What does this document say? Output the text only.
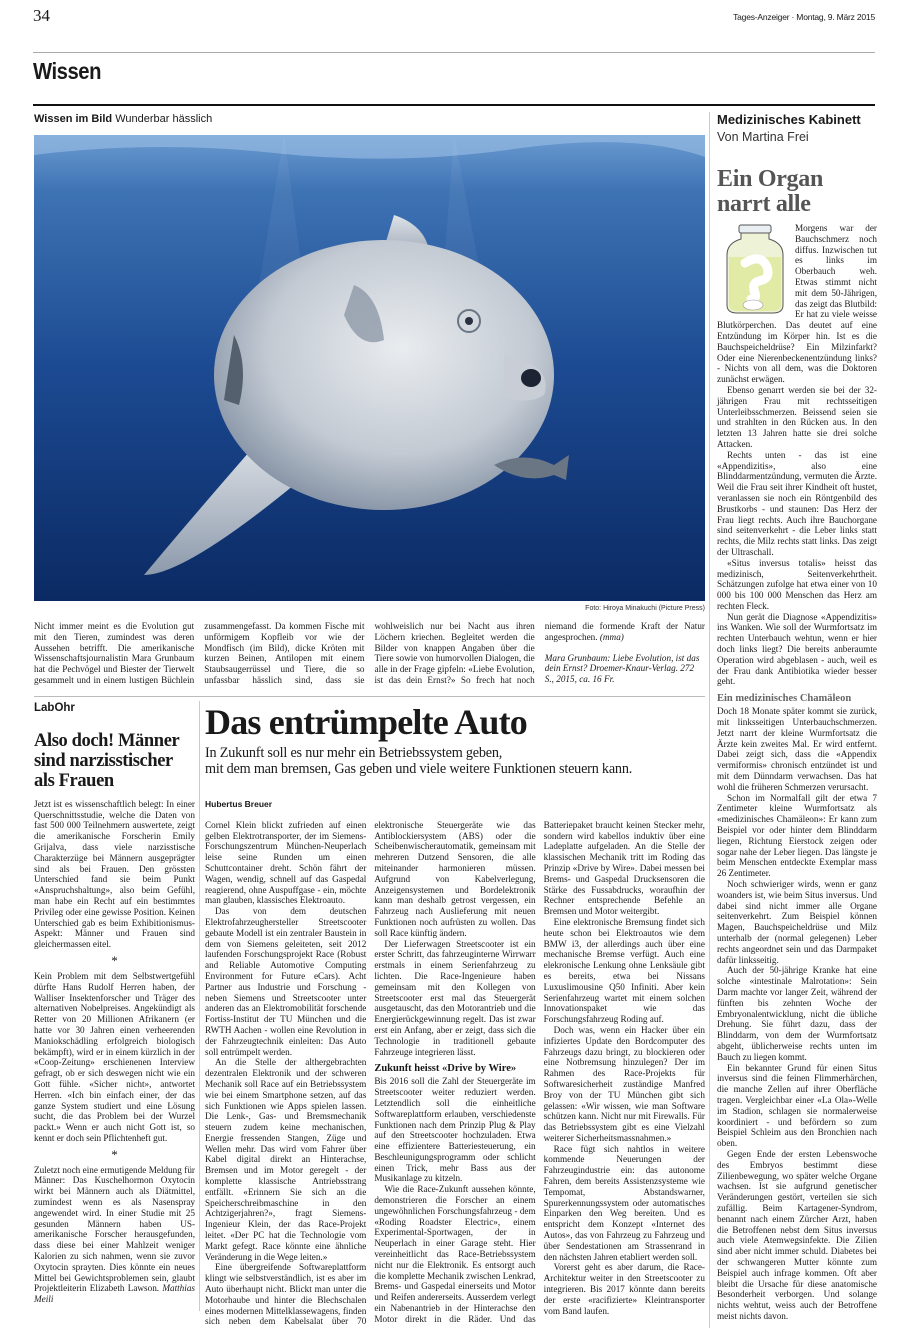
34	Tages-Anzeiger · Montag, 9. März 2015
Wissen
Wissen im Bild Wunderbar hässlich
Foto: Hiroya Minakuchi (Picture Press)

Nicht immer meint es die Evolution gut mit den Tieren, zumindest was deren Aussehen betrifft. Die amerikanische Wissenschaftsjournalistin Mara Grunbaum hat die Pechvögel und Biester der Tierwelt gesammelt und in einem lustigen Büchlein zusammengefasst. Da kommen Fische mit unförmigem Kopfleib vor wie der Mondfisch (im Bild), dicke Kröten mit kurzen Beinen, Antilopen mit einem Staubsaugerrüssel und Tiere, die so unfassbar hässlich sind, dass sie wohlweislich nur bei Nacht aus ihren Löchern kriechen. Begleitet werden die Bilder von knappen Angaben über die Tiere sowie von humorvollen Dialogen, die alle in der Frage gipfeln: «Liebe Evolution, ist das dein Ernst?» So frech hat noch niemand die formende Kraft der Natur angesprochen. (mma)

Mara Grunbaum: Liebe Evolution, ist das dein Ernst? Droemer-Knaur-Verlag. 272 S., 2015, ca. 16 Fr.

LabOhr
Also doch! Männer sind narzisstischer als Frauen

Jetzt ist es wissenschaftlich belegt: In einer Querschnittsstudie, welche die Daten von fast 500 000 Teilnehmern auswertete, zeigt die amerikanische Forscherin Emily Grijalva, dass viele narzisstische Charakterzüge bei Männern ausgeprägter sind als bei Frauen. Den grössten Unterschied fand sie beim Punkt «Anspruchshaltung», also beim Gefühl, man habe ein Recht auf ein bestimmtes Privileg oder eine gewisse Position. Keinen Unterschied gab es beim Exhibitionismus-Aspekt: Männer und Frauen sind gleichermassen eitel.

*

Kein Problem mit dem Selbstwertgefühl dürfte Hans Rudolf Herren haben, der Walliser Insektenforscher und Träger des alternativen Nobelpreises. Angekündigt als Retter von 20 Millionen Afrikanern (er hatte vor 30 Jahren einen verheerenden Maniokschädling erfolgreich biologisch bekämpft), wird er in einem kürzlich in der «Coop-Zeitung» erschienenen Interview gefragt, ob er sich deswegen nicht wie ein Gott fühle. «Sicher nicht», antwortet Herren. «Ich bin einfach einer, der das ganze System studiert und eine Lösung sucht, die das Problem bei der Wurzel packt.» Wenn er auch nicht Gott ist, so kennt er doch sein Pflichtenheft gut.

*

Zuletzt noch eine ermutigende Meldung für Männer: Das Kuschelhormon Oxytocin wirkt bei Männern auch als Diätmittel, zumindest wenn es als Nasenspray angewendet wird. In einer Studie mit 25 gesunden Männern haben US-amerikanische Forscher herausgefunden, dass diese bei einer Mahlzeit weniger Kalorien zu sich nahmen, wenn sie zuvor Oxytocin sprayten. Dies könnte ein neues Mittel bei Gewichtsproblemen sein, glaubt Projektleiterin Elizabeth Lawson. Matthias Meili

Das entrümpelte Auto
In Zukunft soll es nur mehr ein Betriebssystem geben,
mit dem man bremsen, Gas geben und viele weitere Funktionen steuern kann.
Hubertus Breuer

Cornel Klein blickt zufrieden auf einen gelben Elektrotransporter, der im Siemens-Forschungszentrum München-Neuperlach leise seine Runden um einen Schuttcontainer dreht. Schön fährt der Wagen, wendig, schnell auf das Gaspedal reagierend, ohne Auspuffgase - ein, möchte man glauben, klassisches Elektroauto.

Das von dem deutschen Elektrofahrzeughersteller Streetscooter gebaute Modell ist ein zentraler Baustein in dem von Siemens geleiteten, seit 2012 laufenden Forschungsprojekt Race (Robust and Reliable Automotive Computing Environment for Future eCars). Acht Partner aus Industrie und Forschung - neben Siemens und Streetscooter unter anderen das an Elektromobilität forschende Fortiss-Institut der TU München und die RWTH Aachen - wollen eine Revolution in der Fahrzeugtechnik einleiten: Das Auto soll entrümpelt werden.

An die Stelle der althergebrachten dezentralen Elektronik und der schweren Mechanik soll Race auf ein Betriebssystem wie bei einem Smartphone setzen, auf das sich Funktionen wie Apps spielen lassen. Die Lenk-, Gas- und Bremsmechanik steuern zudem keine mechanischen, Energie fressenden Stangen, Züge und Wellen mehr. Das wird vom Fahrer über Kabel digital direkt an Hinterachse, Bremsen und im Motor geregelt - der komplette klassische Antriebsstrang entfällt. «Erinnern Sie sich an die Speicherschreibmaschine in den Achtzigerjahren?», fragt Siemens-Ingenieur Klein, der das Race-Projekt leitet. «Der PC hat die Technologie vom Markt gefegt. Race könnte eine ähnliche Veränderung in die Wege leiten.»

Eine übergreifende Softwareplattform klingt wie selbstverständlich, ist es aber im Auto überhaupt nicht. Blickt man unter die Motorhaube und hinter die Blechschalen eines modernen Mittelklassewagens, finden sich neben dem Kabelsalat über 70 elektronische Steuergeräte wie das Antiblockiersystem (ABS) oder die Scheibenwischerautomatik, gemeinsam mit mehreren Dutzend Sensoren, die alle miteinander harmonieren müssen. Aufgrund von Kabelverlegung, Anzeigensystemen und Bordelektronik kann man deshalb getrost vergessen, ein Fahrzeug nach Auslieferung mit neuen Funktionen noch aufrüsten zu wollen. Das soll Race künftig ändern.

Der Lieferwagen Streetscooter ist ein erster Schritt, das fahrzeuginterne Wirrwarr erstmals in einem Serienfahrzeug zu lichten. Die Race-Ingenieure haben gemeinsam mit den Kollegen von Streetscooter erst mal das Steuergerät ausgetauscht, das den Motorantrieb und die Energierückgewinnung regelt. Das ist zwar erst ein Anfang, aber er zeigt, dass sich die Technologie in traditionell gebaute Fahrzeuge integrieren lässt.

Zukunft heisst «Drive by Wire»

Bis 2016 soll die Zahl der Steuergeräte im Streetscooter weiter reduziert werden. Letztendlich soll die einheitliche Softwareplattform erlauben, verschiedenste Funktionen nach dem Prinzip Plug & Play auf den Streetscooter hochzuladen. Etwa eine effizientere Batteriesteuerung, ein Beschleunigungsprogramm oder schlicht einen Trick, mehr Bass aus der Musikanlage zu kitzeln.

Wie die Race-Zukunft aussehen könnte, demonstrieren die Forscher an einem ungewöhnlichen Forschungsfahrzeug - dem «Roding Roadster Electric», einem Experimental-Sportwagen, der in Neuperlach in einer Garage steht. Hier vereinheitlicht das Race-Betriebssystem nicht nur die Elektronik. Es entsorgt auch die komplette Mechanik zwischen Lenkrad, Brems- und Gaspedal einerseits und Motor und Reifen andererseits. Ausserdem verlegt ein Nabenantrieb in der Hinterachse den Motor direkt in die Räder. Und das Batteriepaket braucht keinen Stecker mehr, sondern wird kabellos induktiv über eine Ladeplatte aufgeladen. An die Stelle der klassischen Mechanik tritt im Roding das Prinzip «Drive by Wire». Dabei messen bei Brems- und Gaspedal Drucksensoren die Stärke des Fussabdrucks, woraufhin der Rechner entsprechende Befehle an Bremsen und Motor weitergibt.

Eine elektronische Bremsung findet sich heute schon bei Elektroautos wie dem BMW i3, der allerdings auch über eine mechanische Bremse verfügt. Auch eine elekronische Lenkung ohne Lenksäule gibt es bereits, etwa bei Nissans Luxuslimousine Q50 Infiniti. Aber kein Serienfahrzeug wartet mit einem solchen Innovationspaket wie das Forschungsfahrzeug Roding auf.

Doch was, wenn ein Hacker über ein infiziertes Update den Bordcomputer des Fahrzeugs dazu bringt, zu blockieren oder eine Notbremsung hinzulegen? Der im Rahmen des Race-Projekts für Softwaresicherheit zuständige Manfred Broy von der TU München gibt sich gelassen: «Wir wissen, wie man Software schützen kann. Nicht nur mit Firewalls. Für das Betriebssystem gibt es eine Vielzahl weiterer Sicherheitsmassnahmen.»

Race fügt sich nahtlos in weitere kommende Neuerungen der Fahrzeugindustrie ein: das autonome Fahren, dem bereits Assistenzsysteme wie Tempomat, Abstandswarner, Spurerkennungssystem oder automatisches Einparken den Weg bereiten. Und es entspricht dem Konzept «Internet des Autos», das von Fahrzeug zu Fahrzeug und über Sendestationen am Strassenrand in den nächsten Jahren etabliert werden soll.

Vorerst geht es aber darum, die Race-Architektur weiter in den Streetscooter zu integrieren. Bis 2017 könnte dann bereits der erste «racifizierte» Kleintransporter vom Band laufen.

Medizinisches Kabinett
Von Martina Frei
Ein Organ narrt alle

Morgens war der Bauchschmerz noch diffus. Inzwischen tut es links im Oberbauch weh. Etwas stimmt nicht mit dem 50-Jährigen, das zeigt das Blutbild: Er hat zu viele weisse Blutkörperchen. Das deutet auf eine Entzündung im Körper hin. Ist es die Bauchspeicheldrüse? Ein Milzinfarkt? Oder eine Nierenbeckenentzündung links? - Nichts von all dem, was die Doktoren zunächst erwägen.

Ebenso genarrt werden sie bei der 32-jährigen Frau mit rechtsseitigen Unterleibsschmerzen. Beissend seien sie und strahlten in den Rücken aus. In den letzten 13 Jahren hatte sie drei solche Attacken.

Rechts unten - das ist eine «Appendizitis», also eine Blinddarmentzündung, vermuten die Ärzte. Weil die Frau seit ihrer Kindheit oft hustet, veranlassen sie noch ein Röntgenbild des Brustkorbs - und staunen: Das Herz der Frau liegt rechts. Auch ihre Bauchorgane sind seitenverkehrt - die Leber links statt rechts, die Milz rechts statt links. Das zeigt der Ultraschall.

«Situs inversus totalis» heisst das medizinisch, Seitenverkehrtheit. Schätzungen zufolge hat etwa einer von 10 000 bis 100 000 Menschen das Herz am rechten Fleck.

Nun gerät die Diagnose «Appendizitis» ins Wanken. Wie soll der Wurmfortsatz im rechten Unterbauch wehtun, wenn er hier doch links liegt? Die bereits anberaumte Operation wird abgeblasen - auch, weil es der Frau dank Antibiotika wieder besser geht.

Ein medizinisches Chamäleon

Doch 18 Monate später kommt sie zurück, mit linksseitigen Unterbauchschmerzen. Jetzt narrt der kleine Wurmfortsatz die Ärzte kein zweites Mal. Er wird entfernt. Dabei zeigt sich, dass die «Appendix vermiformis» chronisch entzündet ist und mit dem Dünndarm verwachsen. Das hat wohl die früheren Schmerzen verursacht.

Schon im Normalfall gilt der etwa 7 Zentimeter kleine Wurmfortsatz als «medizinisches Chamäleon»: Er kann zum Beispiel vor oder hinter dem Blinddarm liegen, Richtung Eierstock zeigen oder sogar nahe der Leber liegen. Das längste je beim Menschen entdeckte Exemplar mass 26 Zentimeter.

Noch schwieriger wirds, wenn er ganz woanders ist, wie beim Situs inversus. Und dabei sind nicht immer alle Organe seitenverkehrt. Zum Beispiel können Magen, Bauchspeicheldrüse und Milz unterhalb der (normal gelegenen) Leber rechts angeordnet sein und das Darmpaket dafür linksseitig.

Auch der 50-jährige Kranke hat eine solche «intestinale Malrotation»: Sein Darm machte vor langer Zeit, während der fünften bis zehnten Woche der Embryonalentwicklung, nicht die übliche Drehung. Sie führt dazu, dass der Blinddarm, von dem der Wurmfortsatz abgeht, üblicherweise rechts unten im Bauch zu liegen kommt.

Ein bekannter Grund für einen Situs inversus sind die feinen Flimmerhärchen, die manche Zellen auf ihrer Oberfläche tragen. Vergleichbar einer «La Ola»-Welle im Stadion, schlagen sie normalerweise koordiniert - und befördern so zum Beispiel Schleim aus den Bronchien nach oben.

Gegen Ende der ersten Lebenswoche des Embryos bestimmt diese Zilienbewegung, wo später welche Organe wachsen. Ist sie aufgrund genetischer Veränderungen gestört, verteilen sie sich zufällig. Beim Kartagener-Syndrom, benannt nach einem Zürcher Arzt, haben die Betroffenen nebst dem Situs inversus auch viele Atemwegsinfekte. Die Zilien sind aber nicht immer schuld. Diabetes bei der schwangeren Mutter könnte zum Beispiel auch infrage kommen. Oft aber bleibt die Ursache für diese anatomische Besonderheit verborgen. Und solange nichts wehtut, weiss auch der Betroffene meist nichts davon.
